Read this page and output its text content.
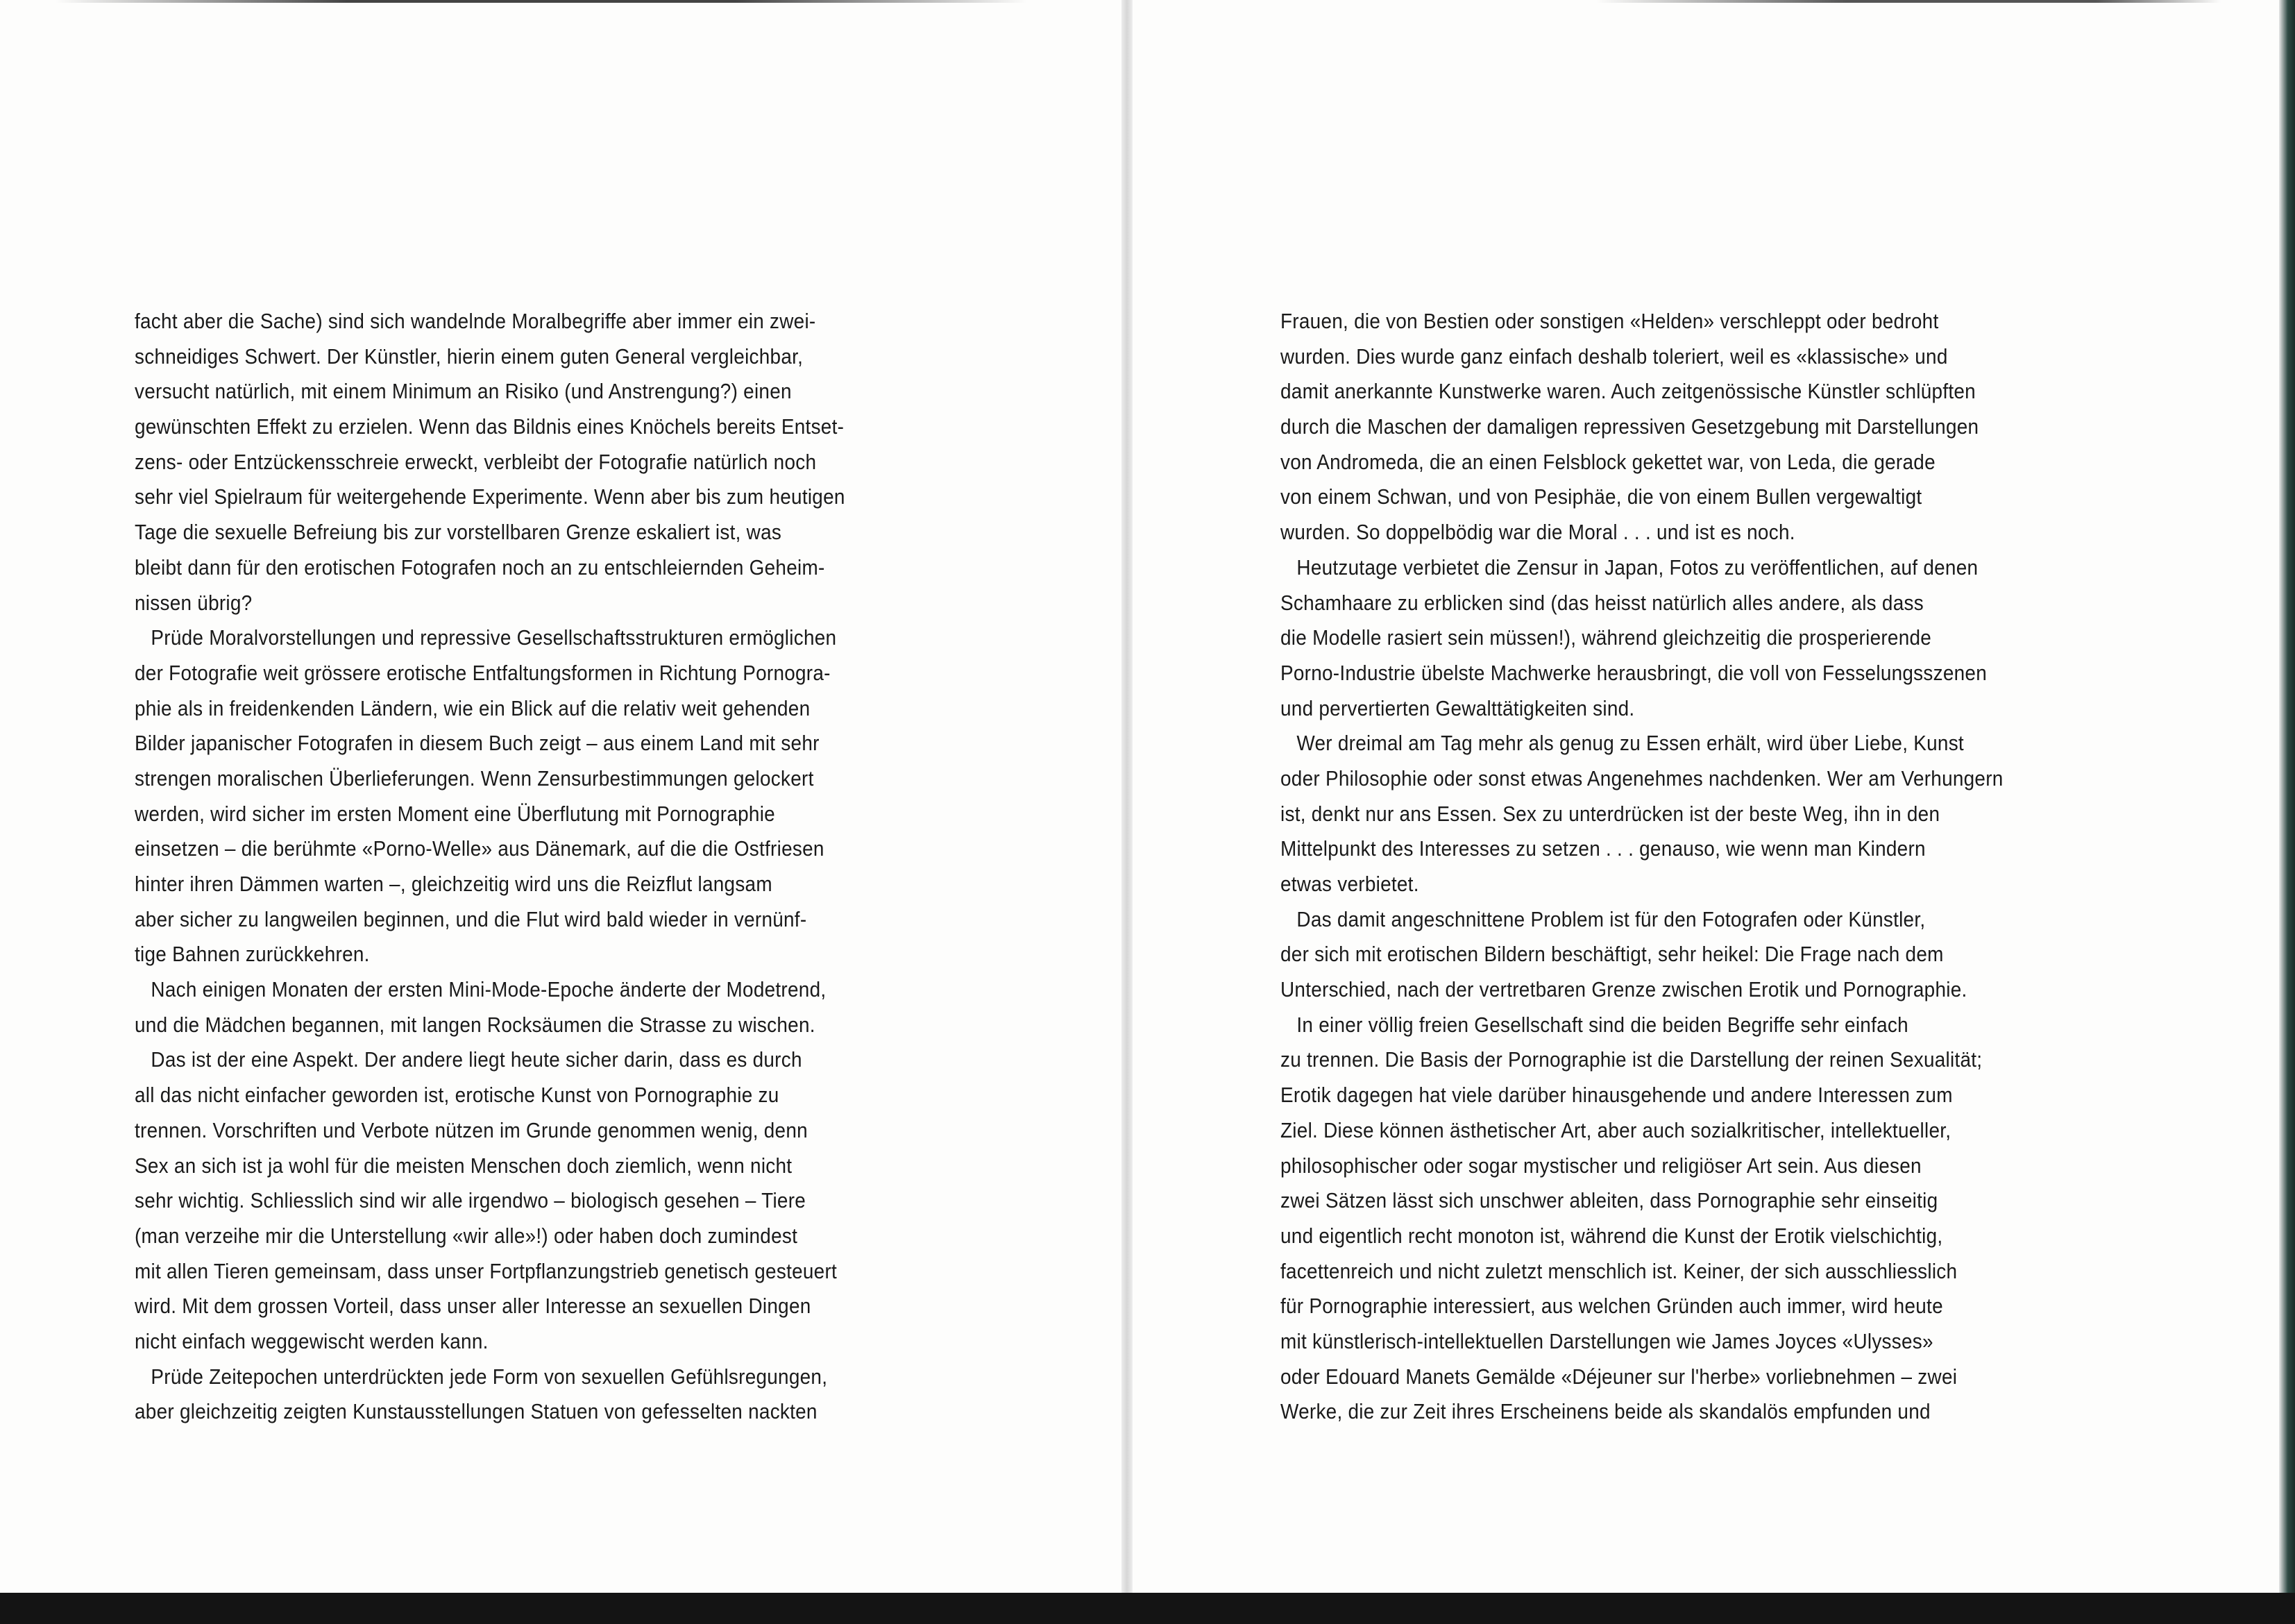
facht aber die Sache) sind sich wandelnde Moralbegriffe aber immer ein zwei-
schneidiges Schwert. Der Künstler, hierin einem guten General vergleichbar,
versucht natürlich, mit einem Minimum an Risiko (und Anstrengung?) einen
gewünschten Effekt zu erzielen. Wenn das Bildnis eines Knöchels bereits Entset-
zens- oder Entzückensschreie erweckt, verbleibt der Fotografie natürlich noch
sehr viel Spielraum für weitergehende Experimente. Wenn aber bis zum heutigen
Tage die sexuelle Befreiung bis zur vorstellbaren Grenze eskaliert ist, was
bleibt dann für den erotischen Fotografen noch an zu entschleiernden Geheim-
nissen übrig?
Prüde Moralvorstellungen und repressive Gesellschaftsstrukturen ermöglichen
der Fotografie weit grössere erotische Entfaltungsformen in Richtung Pornogra-
phie als in freidenkenden Ländern, wie ein Blick auf die relativ weit gehenden
Bilder japanischer Fotografen in diesem Buch zeigt – aus einem Land mit sehr
strengen moralischen Überlieferungen. Wenn Zensurbestimmungen gelockert
werden, wird sicher im ersten Moment eine Überflutung mit Pornographie
einsetzen – die berühmte «Porno-Welle» aus Dänemark, auf die die Ostfriesen
hinter ihren Dämmen warten –, gleichzeitig wird uns die Reizflut langsam
aber sicher zu langweilen beginnen, und die Flut wird bald wieder in vernünf-
tige Bahnen zurückkehren.
Nach einigen Monaten der ersten Mini-Mode-Epoche änderte der Modetrend,
und die Mädchen begannen, mit langen Rocksäumen die Strasse zu wischen.
Das ist der eine Aspekt. Der andere liegt heute sicher darin, dass es durch
all das nicht einfacher geworden ist, erotische Kunst von Pornographie zu
trennen. Vorschriften und Verbote nützen im Grunde genommen wenig, denn
Sex an sich ist ja wohl für die meisten Menschen doch ziemlich, wenn nicht
sehr wichtig. Schliesslich sind wir alle irgendwo – biologisch gesehen – Tiere
(man verzeihe mir die Unterstellung «wir alle»!) oder haben doch zumindest
mit allen Tieren gemeinsam, dass unser Fortpflanzungstrieb genetisch gesteuert
wird. Mit dem grossen Vorteil, dass unser aller Interesse an sexuellen Dingen
nicht einfach weggewischt werden kann.
Prüde Zeitepochen unterdrückten jede Form von sexuellen Gefühlsregungen,
aber gleichzeitig zeigten Kunstausstellungen Statuen von gefesselten nackten
Frauen, die von Bestien oder sonstigen «Helden» verschleppt oder bedroht
wurden. Dies wurde ganz einfach deshalb toleriert, weil es «klassische» und
damit anerkannte Kunstwerke waren. Auch zeitgenössische Künstler schlüpften
durch die Maschen der damaligen repressiven Gesetzgebung mit Darstellungen
von Andromeda, die an einen Felsblock gekettet war, von Leda, die gerade
von einem Schwan, und von Pesiphäe, die von einem Bullen vergewaltigt
wurden. So doppelbödig war die Moral . . . und ist es noch.
Heutzutage verbietet die Zensur in Japan, Fotos zu veröffentlichen, auf denen
Schamhaare zu erblicken sind (das heisst natürlich alles andere, als dass
die Modelle rasiert sein müssen!), während gleichzeitig die prosperierende
Porno-Industrie übelste Machwerke herausbringt, die voll von Fesselungsszenen
und pervertierten Gewalttätigkeiten sind.
Wer dreimal am Tag mehr als genug zu Essen erhält, wird über Liebe, Kunst
oder Philosophie oder sonst etwas Angenehmes nachdenken. Wer am Verhungern
ist, denkt nur ans Essen. Sex zu unterdrücken ist der beste Weg, ihn in den
Mittelpunkt des Interesses zu setzen . . . genauso, wie wenn man Kindern
etwas verbietet.
Das damit angeschnittene Problem ist für den Fotografen oder Künstler,
der sich mit erotischen Bildern beschäftigt, sehr heikel: Die Frage nach dem
Unterschied, nach der vertretbaren Grenze zwischen Erotik und Pornographie.
In einer völlig freien Gesellschaft sind die beiden Begriffe sehr einfach
zu trennen. Die Basis der Pornographie ist die Darstellung der reinen Sexualität;
Erotik dagegen hat viele darüber hinausgehende und andere Interessen zum
Ziel. Diese können ästhetischer Art, aber auch sozialkritischer, intellektueller,
philosophischer oder sogar mystischer und religiöser Art sein. Aus diesen
zwei Sätzen lässt sich unschwer ableiten, dass Pornographie sehr einseitig
und eigentlich recht monoton ist, während die Kunst der Erotik vielschichtig,
facettenreich und nicht zuletzt menschlich ist. Keiner, der sich ausschliesslich
für Pornographie interessiert, aus welchen Gründen auch immer, wird heute
mit künstlerisch-intellektuellen Darstellungen wie James Joyces «Ulysses»
oder Edouard Manets Gemälde «Déjeuner sur l'herbe» vorliebnehmen – zwei
Werke, die zur Zeit ihres Erscheinens beide als skandalös empfunden und
